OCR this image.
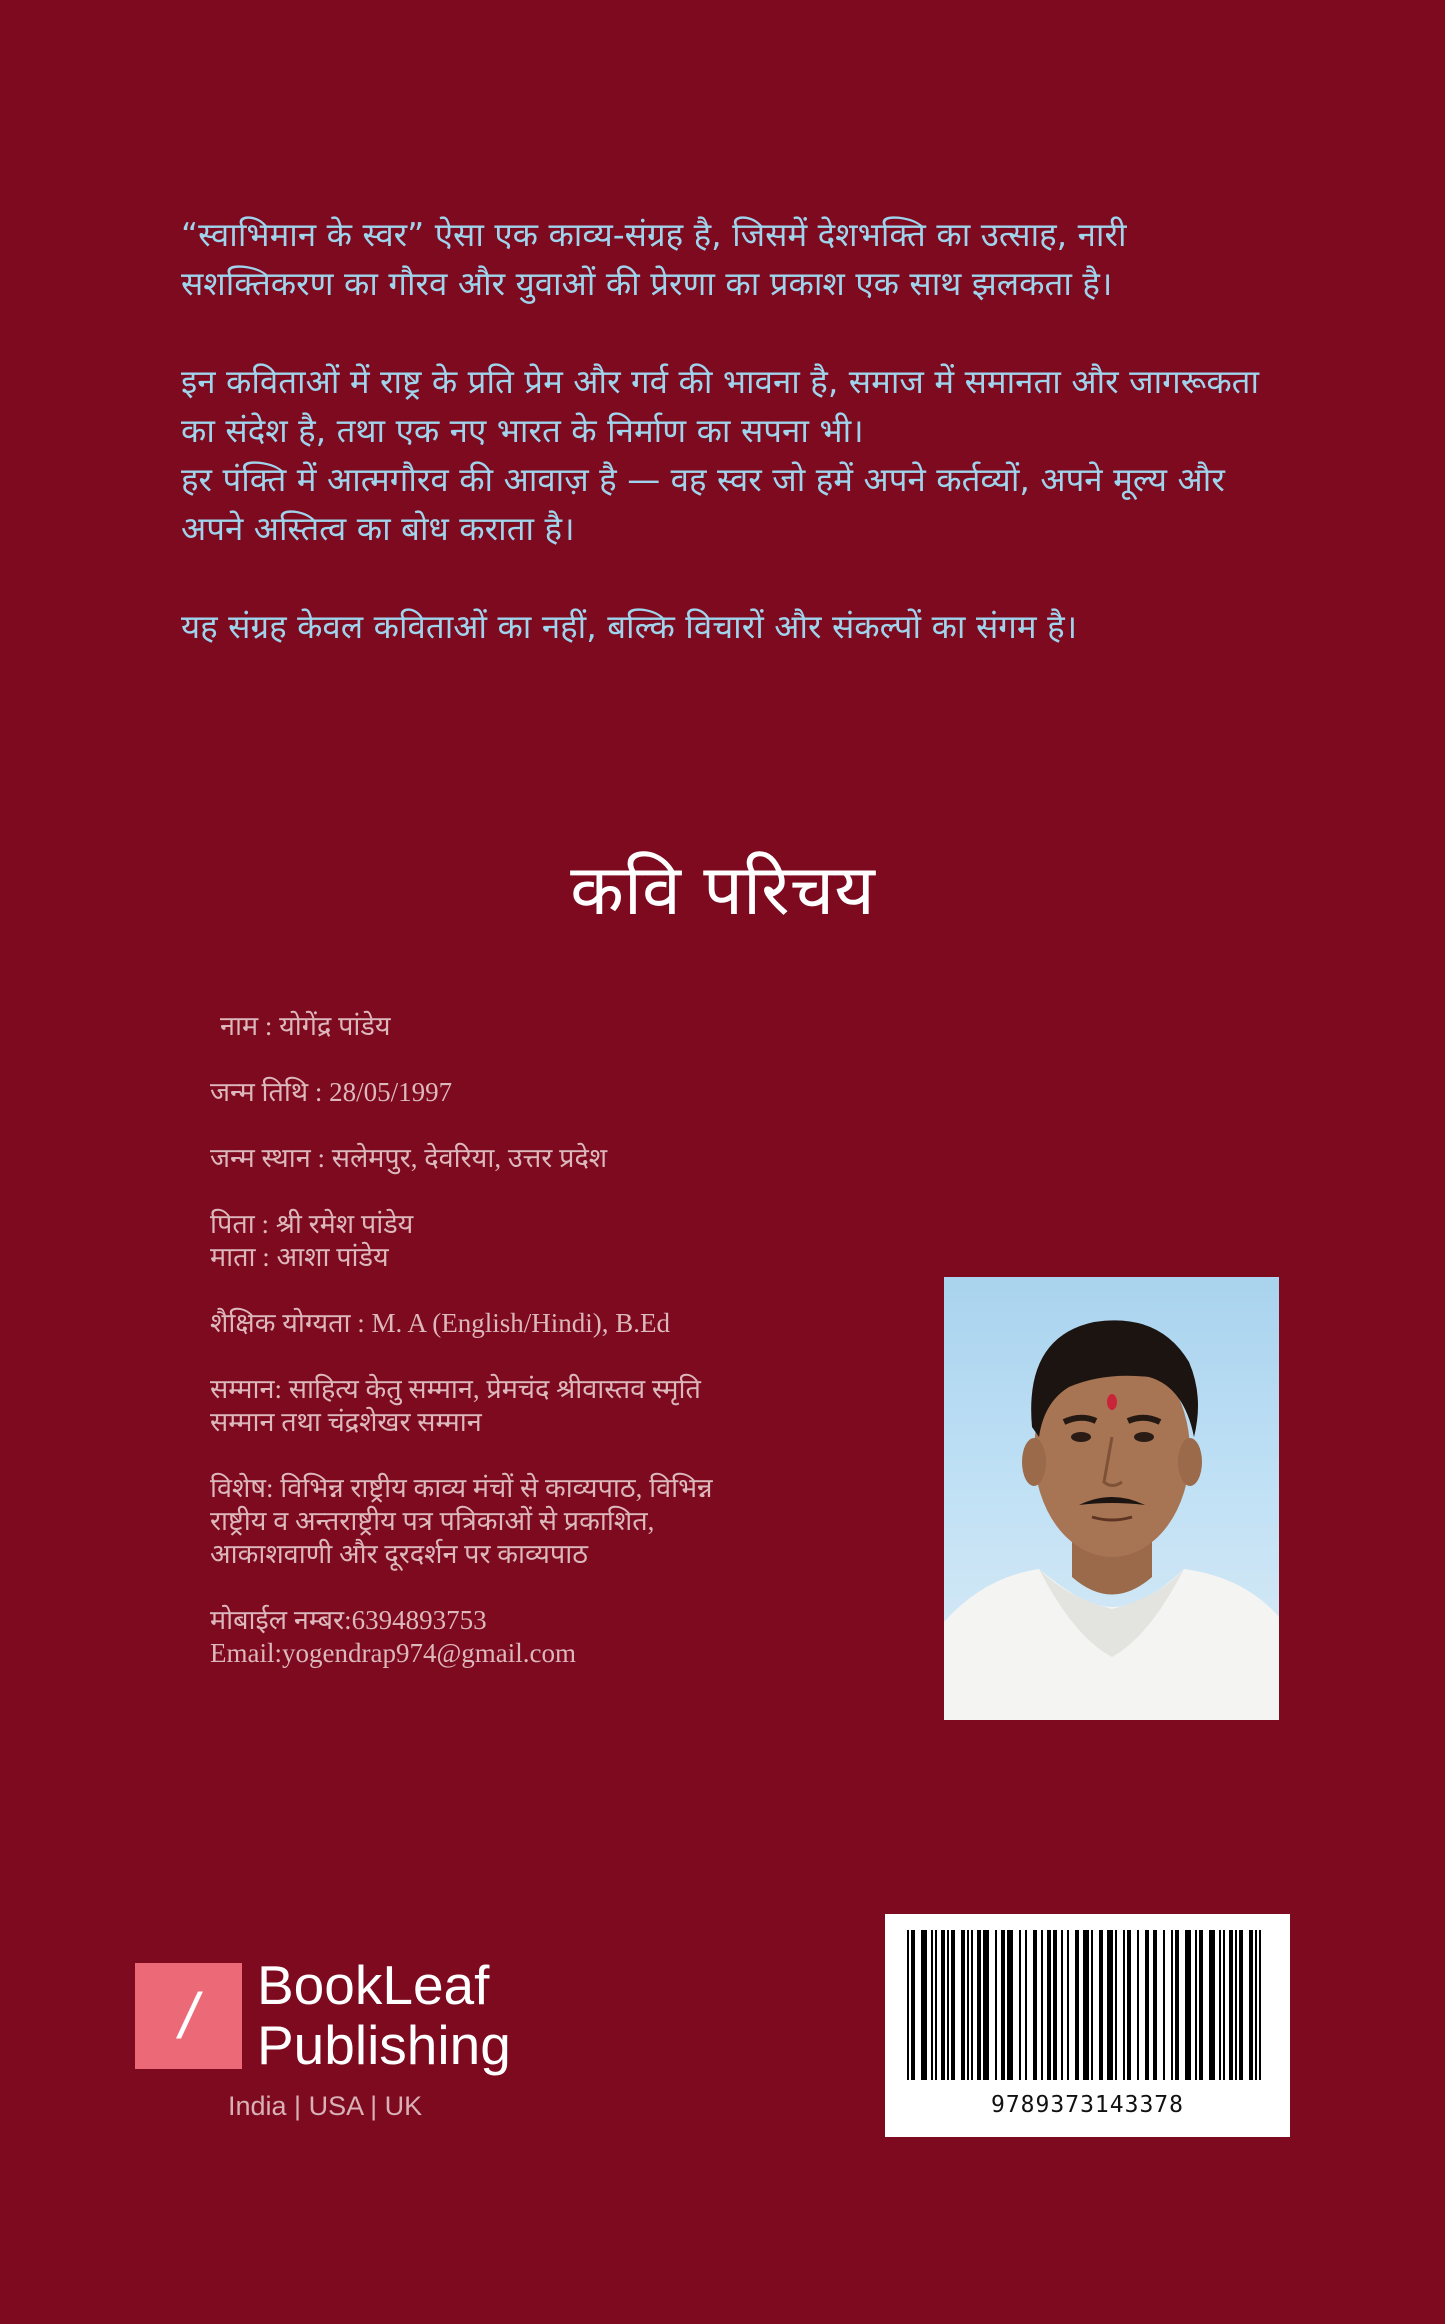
“स्वाभिमान के स्वर” ऐसा एक काव्य-संग्रह है, जिसमें देशभक्ति का उत्साह, नारी सशक्तिकरण का गौरव और युवाओं की प्रेरणा का प्रकाश एक साथ झलकता है।

इन कविताओं में राष्ट्र के प्रति प्रेम और गर्व की भावना है, समाज में समानता और जागरूकता का संदेश है, तथा एक नए भारत के निर्माण का सपना भी।

हर पंक्ति में आत्मगौरव की आवाज़ है — वह स्वर जो हमें अपने कर्तव्यों, अपने मूल्य और अपने अस्तित्व का बोध कराता है।

यह संग्रह केवल कविताओं का नहीं, बल्कि विचारों और संकल्पों का संगम है।

कवि परिचय
नाम : योगेंद्र पांडेय
जन्म तिथि : 28/05/1997
जन्म स्थान : सलेमपुर, देवरिया, उत्तर प्रदेश
पिता : श्री रमेश पांडेय
माता : आशा पांडेय
शैक्षिक योग्यता : M. A (English/Hindi), B.Ed
सम्मान: साहित्य केतु सम्मान, प्रेमचंद श्रीवास्तव स्मृति सम्मान तथा चंद्रशेखर सम्मान
विशेष: विभिन्न राष्ट्रीय काव्य मंचों से काव्यपाठ, विभिन्न राष्ट्रीय व अन्तराष्ट्रीय पत्र पत्रिकाओं से प्रकाशित, आकाशवाणी और दूरदर्शन पर काव्यपाठ
मोबाईल नम्बर:6394893753
Email:yogendrap974@gmail.com
/	BookLeaf
Publishing
India | USA | UK	9789373143378
